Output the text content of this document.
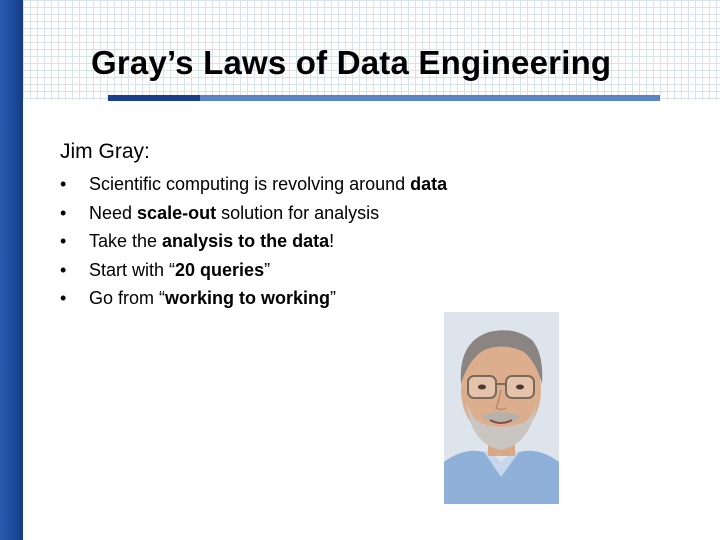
Gray’s Laws of Data Engineering
Jim Gray:
• Scientific computing is revolving around data
• Need scale-out solution for analysis
• Take the analysis to the data!
• Start with “20 queries”
• Go from “working to working”
